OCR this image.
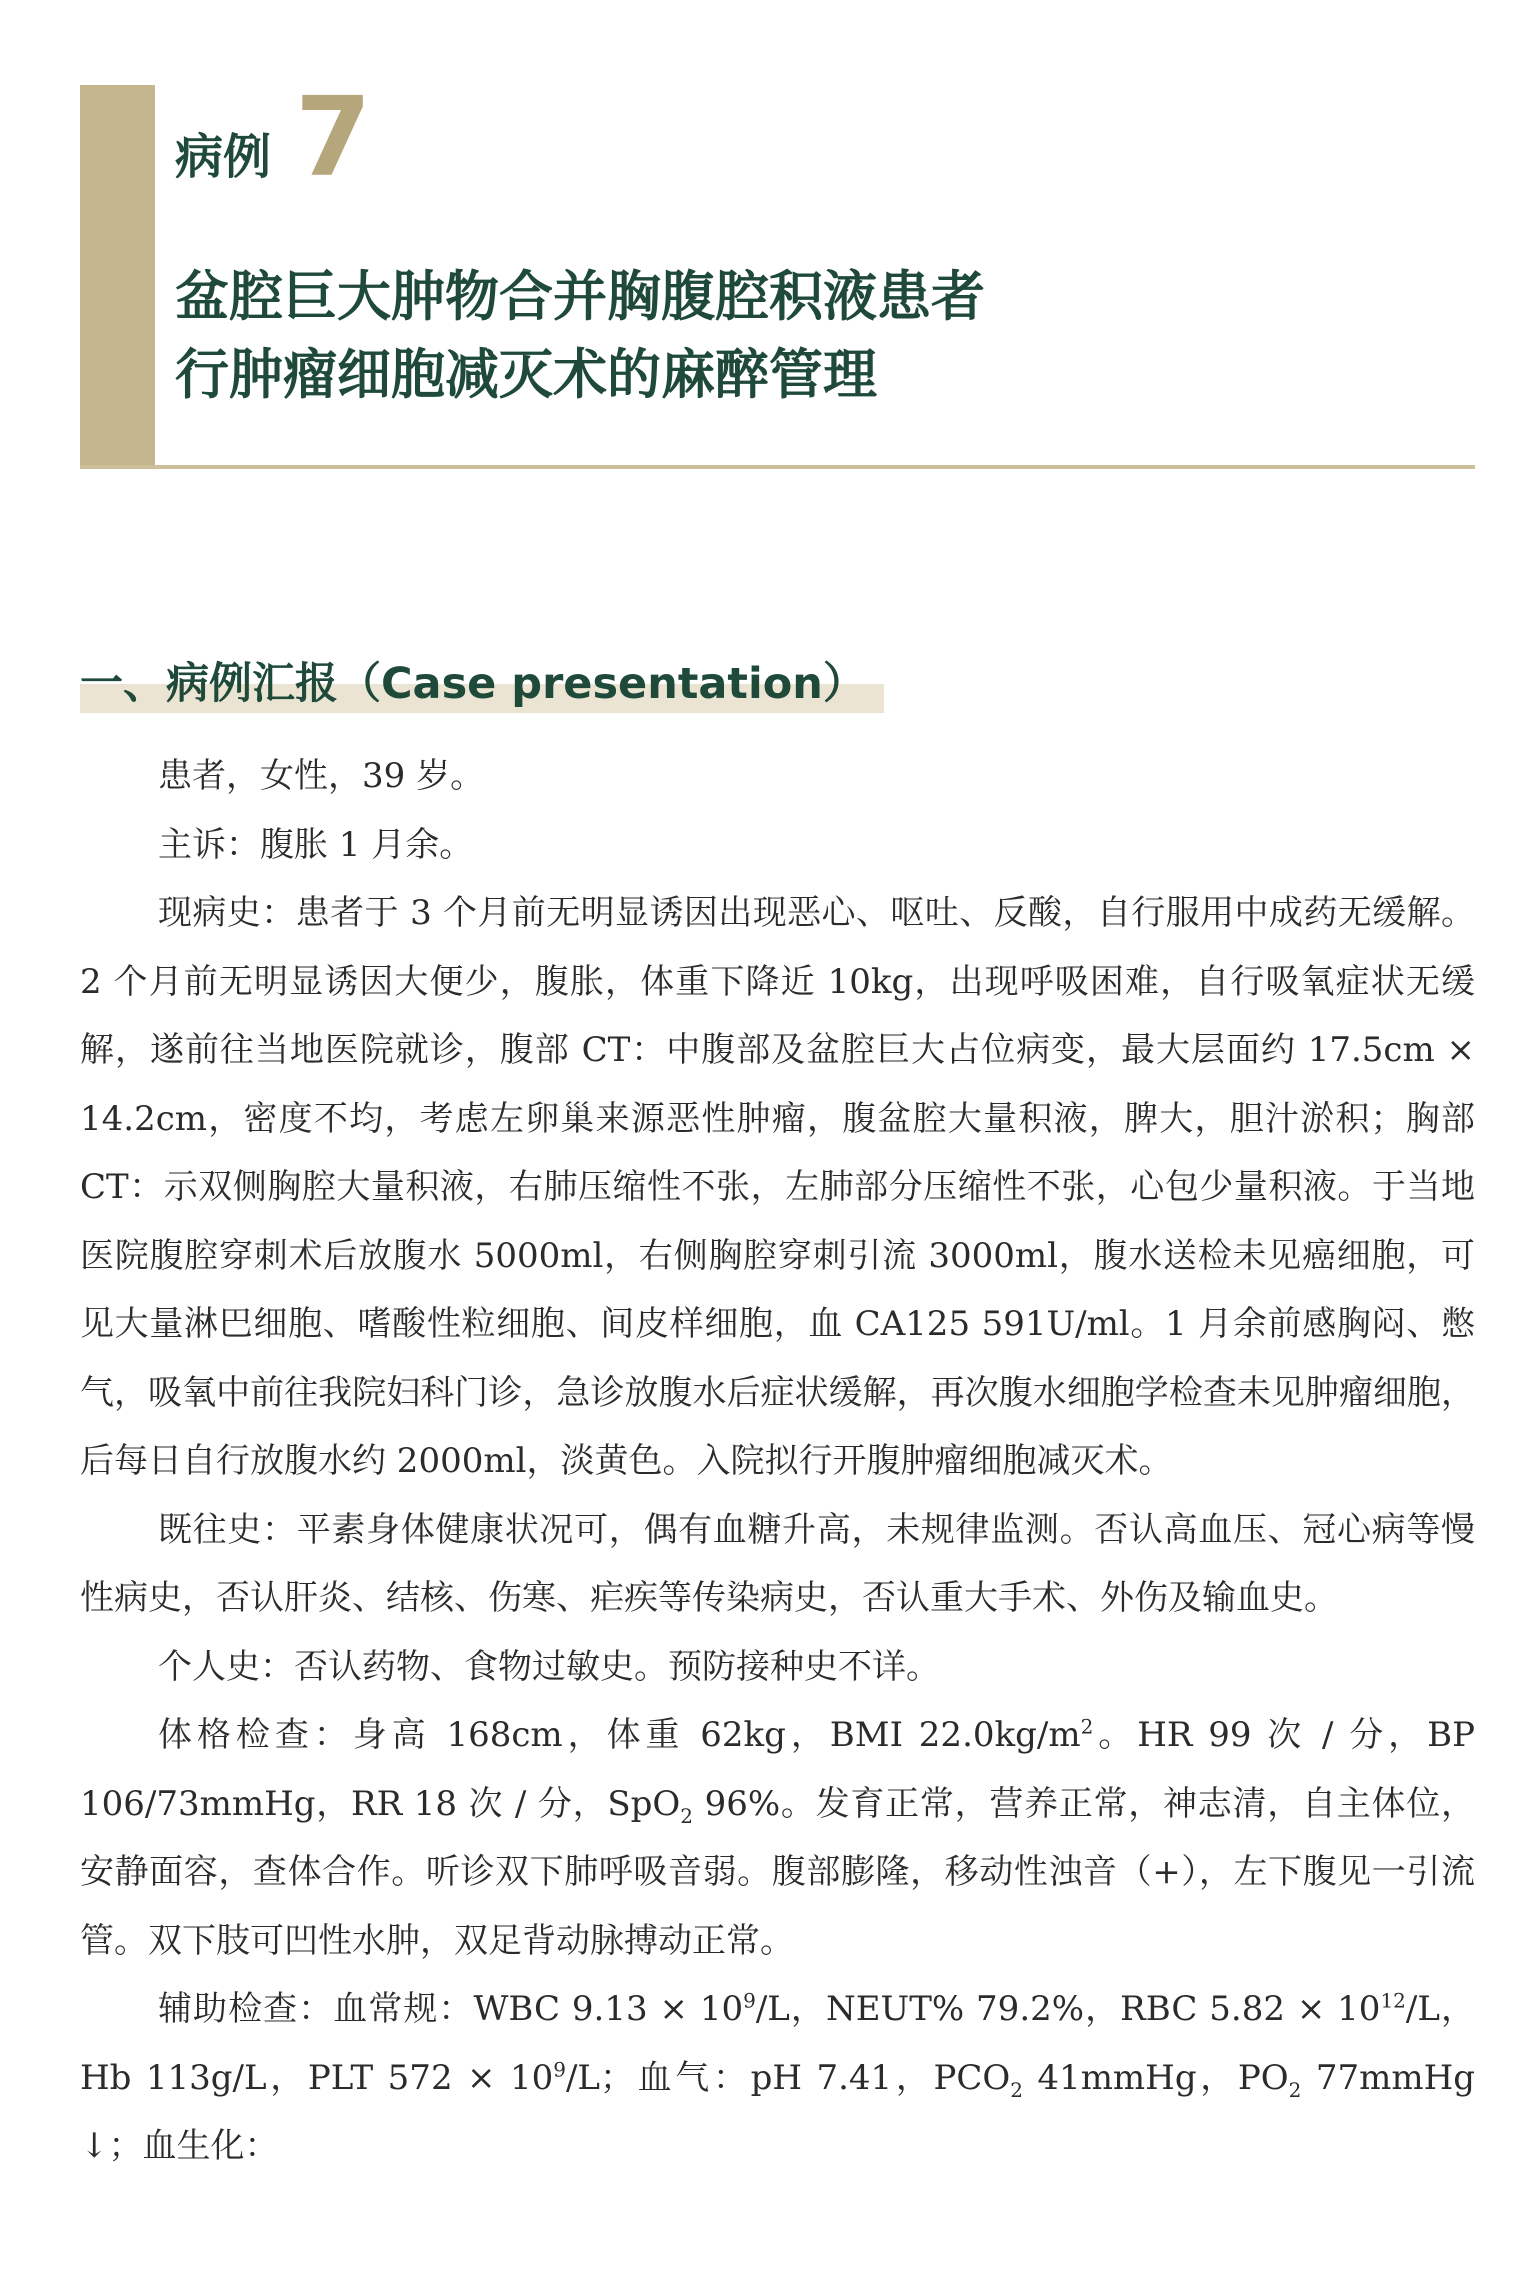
病例 7
盆腔巨大肿物合并胸腹腔积液患者
行肿瘤细胞减灭术的麻醉管理
一、病例汇报（Case presentation）

患者，女性，39 岁。

主诉：腹胀 1 月余。

现病史：患者于 3 个月前无明显诱因出现恶心、呕吐、反酸，自行服用中成药无缓解。2 个月前无明显诱因大便少，腹胀，体重下降近 10kg，出现呼吸困难，自行吸氧症状无缓解，遂前往当地医院就诊，腹部 CT：中腹部及盆腔巨大占位病变，最大层面约 17.5cm × 14.2cm，密度不均，考虑左卵巢来源恶性肿瘤，腹盆腔大量积液，脾大，胆汁淤积；胸部 CT：示双侧胸腔大量积液，右肺压缩性不张，左肺部分压缩性不张，心包少量积液。于当地医院腹腔穿刺术后放腹水 5000ml，右侧胸腔穿刺引流 3000ml，腹水送检未见癌细胞，可见大量淋巴细胞、嗜酸性粒细胞、间皮样细胞，血 CA125 591U/ml。1 月余前感胸闷、憋气，吸氧中前往我院妇科门诊，急诊放腹水后症状缓解，再次腹水细胞学检查未见肿瘤细胞，后每日自行放腹水约 2000ml，淡黄色。入院拟行开腹肿瘤细胞减灭术。

既往史：平素身体健康状况可，偶有血糖升高，未规律监测。否认高血压、冠心病等慢性病史，否认肝炎、结核、伤寒、疟疾等传染病史，否认重大手术、外伤及输血史。

个人史：否认药物、食物过敏史。预防接种史不详。

体格检查：身高 168cm，体重 62kg，BMI $22.0kg/m^2$。HR 99 次 / 分，BP 106/73mmHg，RR 18 次 / 分，SpO$_2$ 96%。发育正常，营养正常，神志清，自主体位，安静面容，查体合作。听诊双下肺呼吸音弱。腹部膨隆，移动性浊音（+），左下腹见一引流管。双下肢可凹性水肿，双足背动脉搏动正常。

辅助检查：血常规：WBC $9.13 \times 10^9/L$，NEUT% 79.2%，RBC $5.82 \times 10^{12}/L$，Hb 113g/L，PLT $572 \times 10^9/L$；血气：pH 7.41，$PCO_2$ 41mmHg，$PO_2$ 77mmHg ↓；血生化：
